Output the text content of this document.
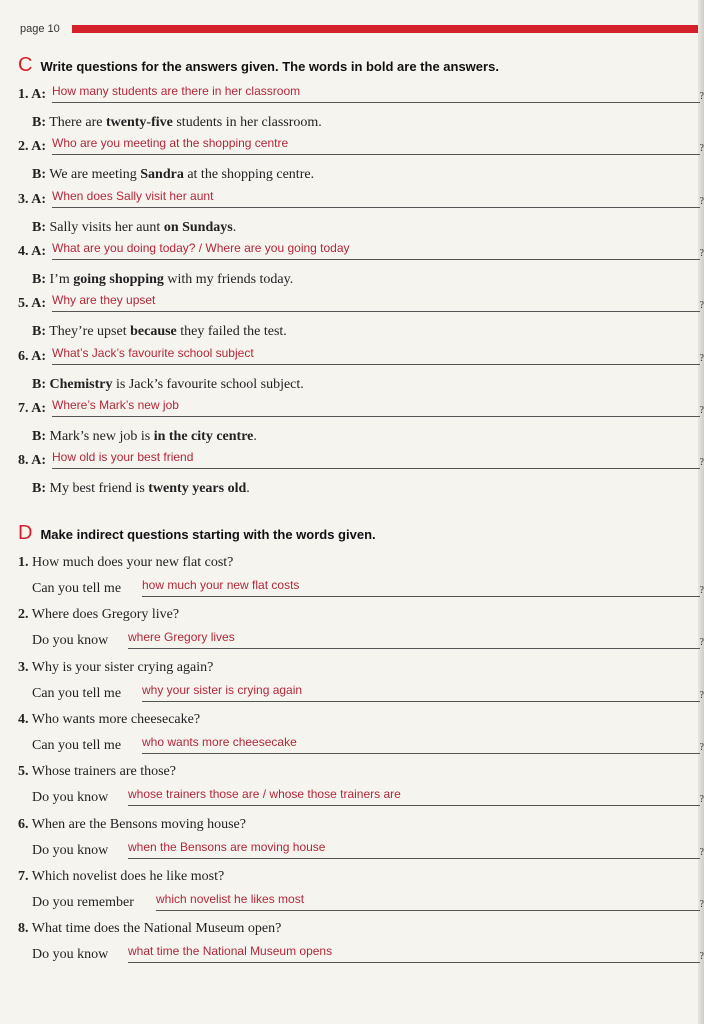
page 10
C Write questions for the answers given. The words in bold are the answers.
1. A: How many students are there in her classroom	?
B: There are twenty-five students in her classroom.
2. A: Who are you meeting at the shopping centre	?
B: We are meeting Sandra at the shopping centre.
3. A: When does Sally visit her aunt	?
B: Sally visits her aunt on Sundays.
4. A: What are you doing today? / Where are you going today	?
B: I’m going shopping with my friends today.
5. A: Why are they upset	?
B: They’re upset because they failed the test.
6. A: What’s Jack’s favourite school subject	?
B: Chemistry is Jack’s favourite school subject.
7. A: Where’s Mark’s new job	?
B: Mark’s new job is in the city centre.
8. A: How old is your best friend	?
B: My best friend is twenty years old.
D Make indirect questions starting with the words given.
1. How much does your new flat cost?
Can you tell me how much your new flat costs	?
2. Where does Gregory live?
Do you know where Gregory lives	?
3. Why is your sister crying again?
Can you tell me why your sister is crying again	?
4. Who wants more cheesecake?
Can you tell me who wants more cheesecake	?
5. Whose trainers are those?
Do you know whose trainers those are / whose those trainers are	?
6. When are the Bensons moving house?
Do you know when the Bensons are moving house	?
7. Which novelist does he like most?
Do you remember which novelist he likes most	?
8. What time does the National Museum open?
Do you know what time the National Museum opens	?
